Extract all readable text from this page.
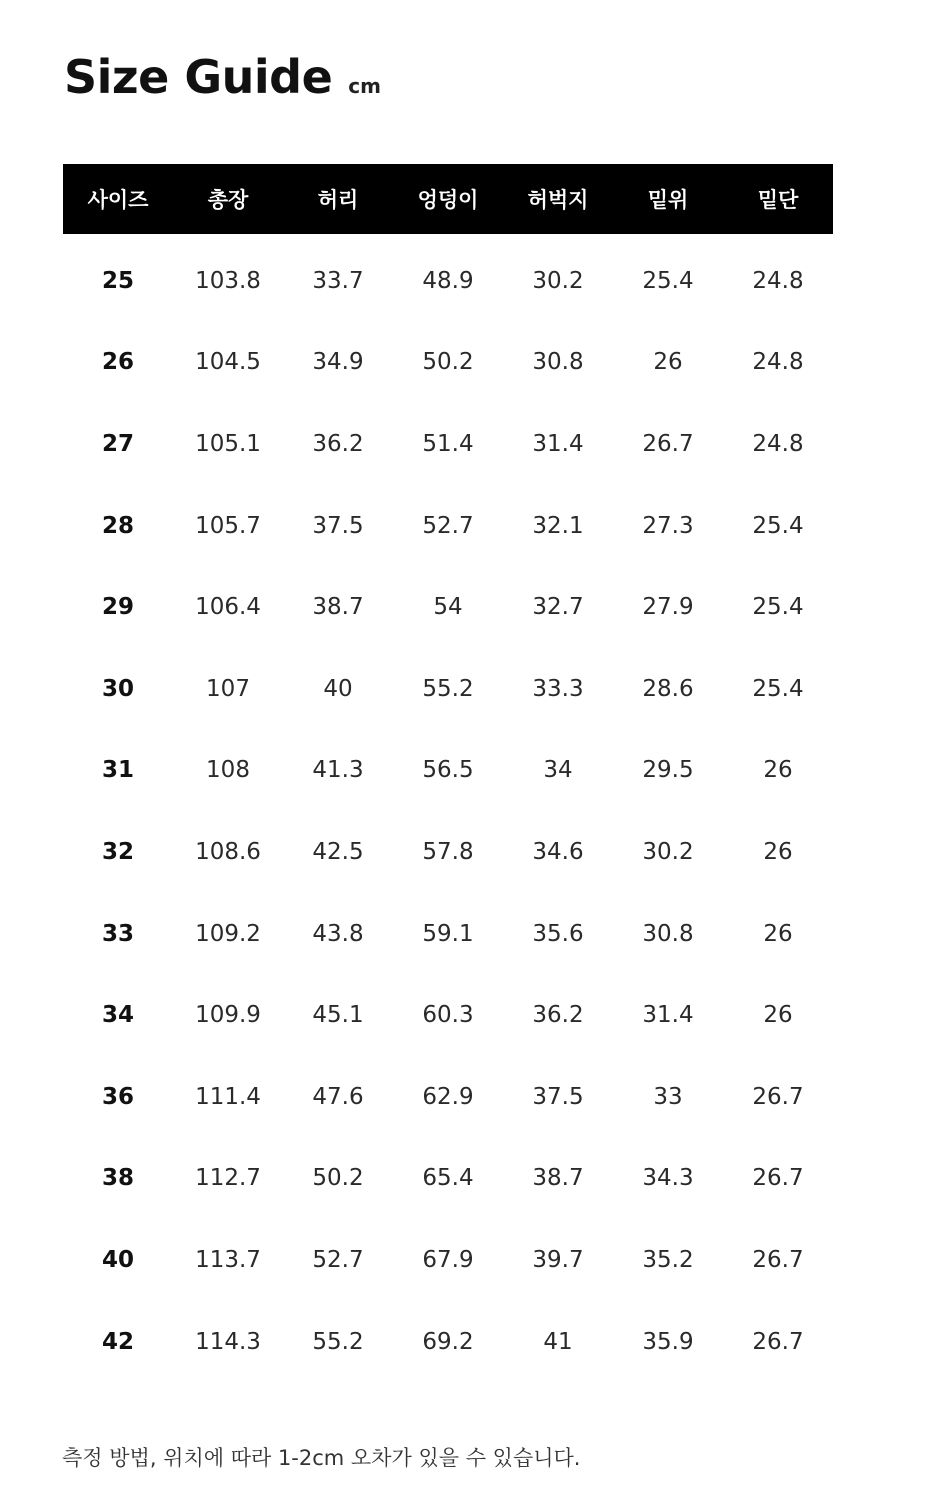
Size Guide cm
사이즈	총장	허리	엉덩이	허벅지	밑위	밑단
25	103.8	33.7	48.9	30.2	25.4	24.8
26	104.5	34.9	50.2	30.8	26	24.8
27	105.1	36.2	51.4	31.4	26.7	24.8
28	105.7	37.5	52.7	32.1	27.3	25.4
29	106.4	38.7	54	32.7	27.9	25.4
30	107	40	55.2	33.3	28.6	25.4
31	108	41.3	56.5	34	29.5	26
32	108.6	42.5	57.8	34.6	30.2	26
33	109.2	43.8	59.1	35.6	30.8	26
34	109.9	45.1	60.3	36.2	31.4	26
36	111.4	47.6	62.9	37.5	33	26.7
38	112.7	50.2	65.4	38.7	34.3	26.7
40	113.7	52.7	67.9	39.7	35.2	26.7
42	114.3	55.2	69.2	41	35.9	26.7
측정 방법, 위치에 따라 1-2cm 오차가 있을 수 있습니다.
